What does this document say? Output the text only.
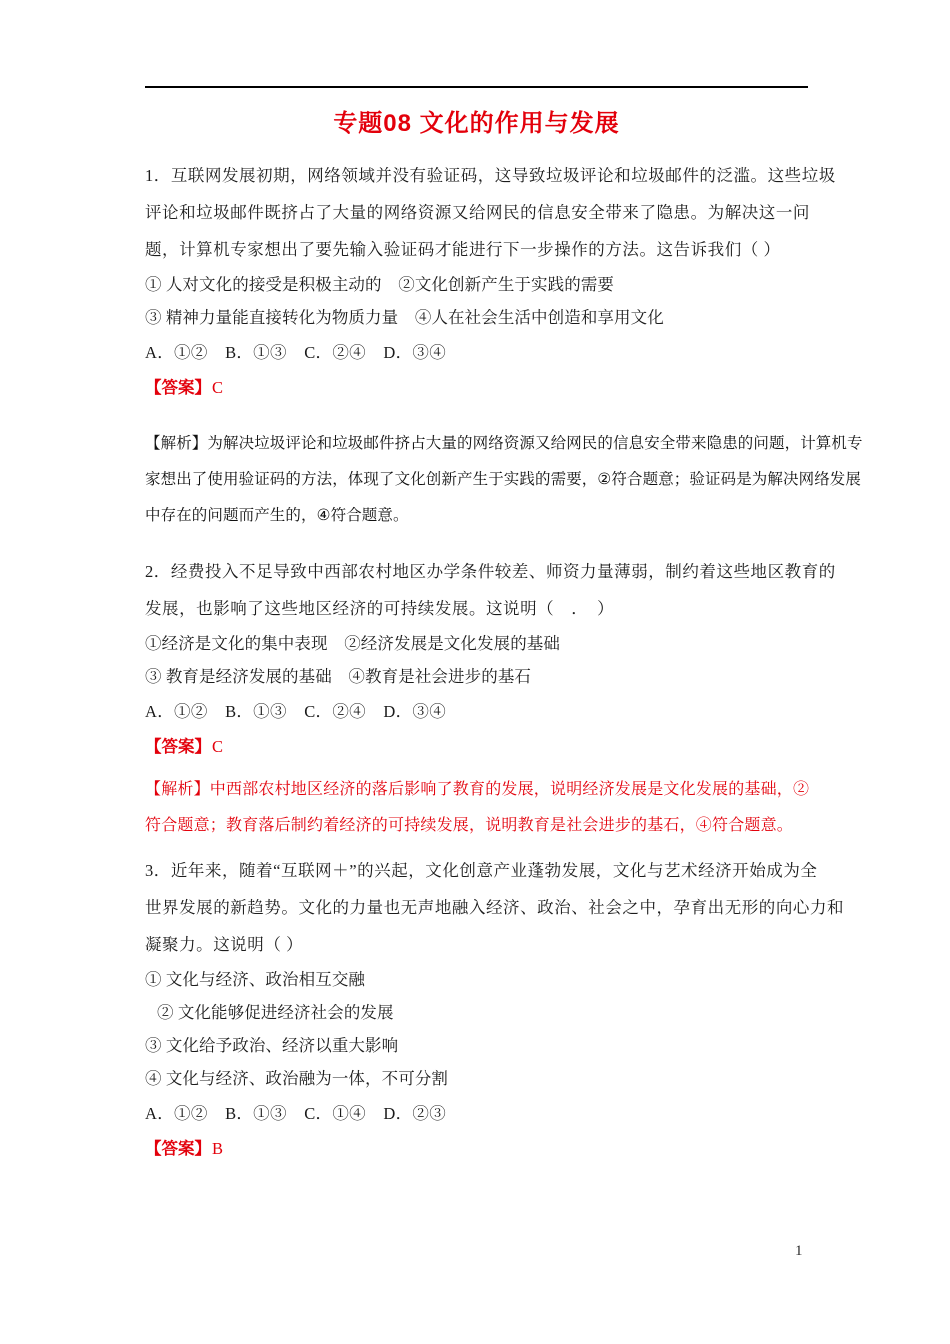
专题08 文化的作用与发展
1．互联网发展初期，网络领域并没有验证码，这导致垃圾评论和垃圾邮件的泛滥。这些垃圾
评论和垃圾邮件既挤占了大量的网络资源又给网民的信息安全带来了隐患。为解决这一问
题，计算机专家想出了要先输入验证码才能进行下一步操作的方法。这告诉我们（ ）
① 人对文化的接受是积极主动的　②文化创新产生于实践的需要
③ 精神力量能直接转化为物质力量　④人在社会生活中创造和享用文化
A．①② B．①③ C．②④ D．③④
【答案】C
【解析】为解决垃圾评论和垃圾邮件挤占大量的网络资源又给网民的信息安全带来隐患的问题，计算机专
家想出了使用验证码的方法，体现了文化创新产生于实践的需要，②符合题意；验证码是为解决网络发展
中存在的问题而产生的，④符合题意。
2．经费投入不足导致中西部农村地区办学条件较差、师资力量薄弱，制约着这些地区教育的
发展，也影响了这些地区经济的可持续发展。这说明（　．　）
①经济是文化的集中表现　②经济发展是文化发展的基础
③ 教育是经济发展的基础　④教育是社会进步的基石
A．①② B．①③ C．②④ D．③④
【答案】C
【解析】中西部农村地区经济的落后影响了教育的发展，说明经济发展是文化发展的基础，②
符合题意；教育落后制约着经济的可持续发展，说明教育是社会进步的基石，④符合题意。
3．近年来，随着“互联网＋”的兴起，文化创意产业蓬勃发展，文化与艺术经济开始成为全
世界发展的新趋势。文化的力量也无声地融入经济、政治、社会之中，孕育出无形的向心力和
凝聚力。这说明（ ）
① 文化与经济、政治相互交融
② 文化能够促进经济社会的发展
③ 文化给予政治、经济以重大影响
④ 文化与经济、政治融为一体，不可分割
A．①② B．①③ C．①④ D．②③
【答案】B
1
